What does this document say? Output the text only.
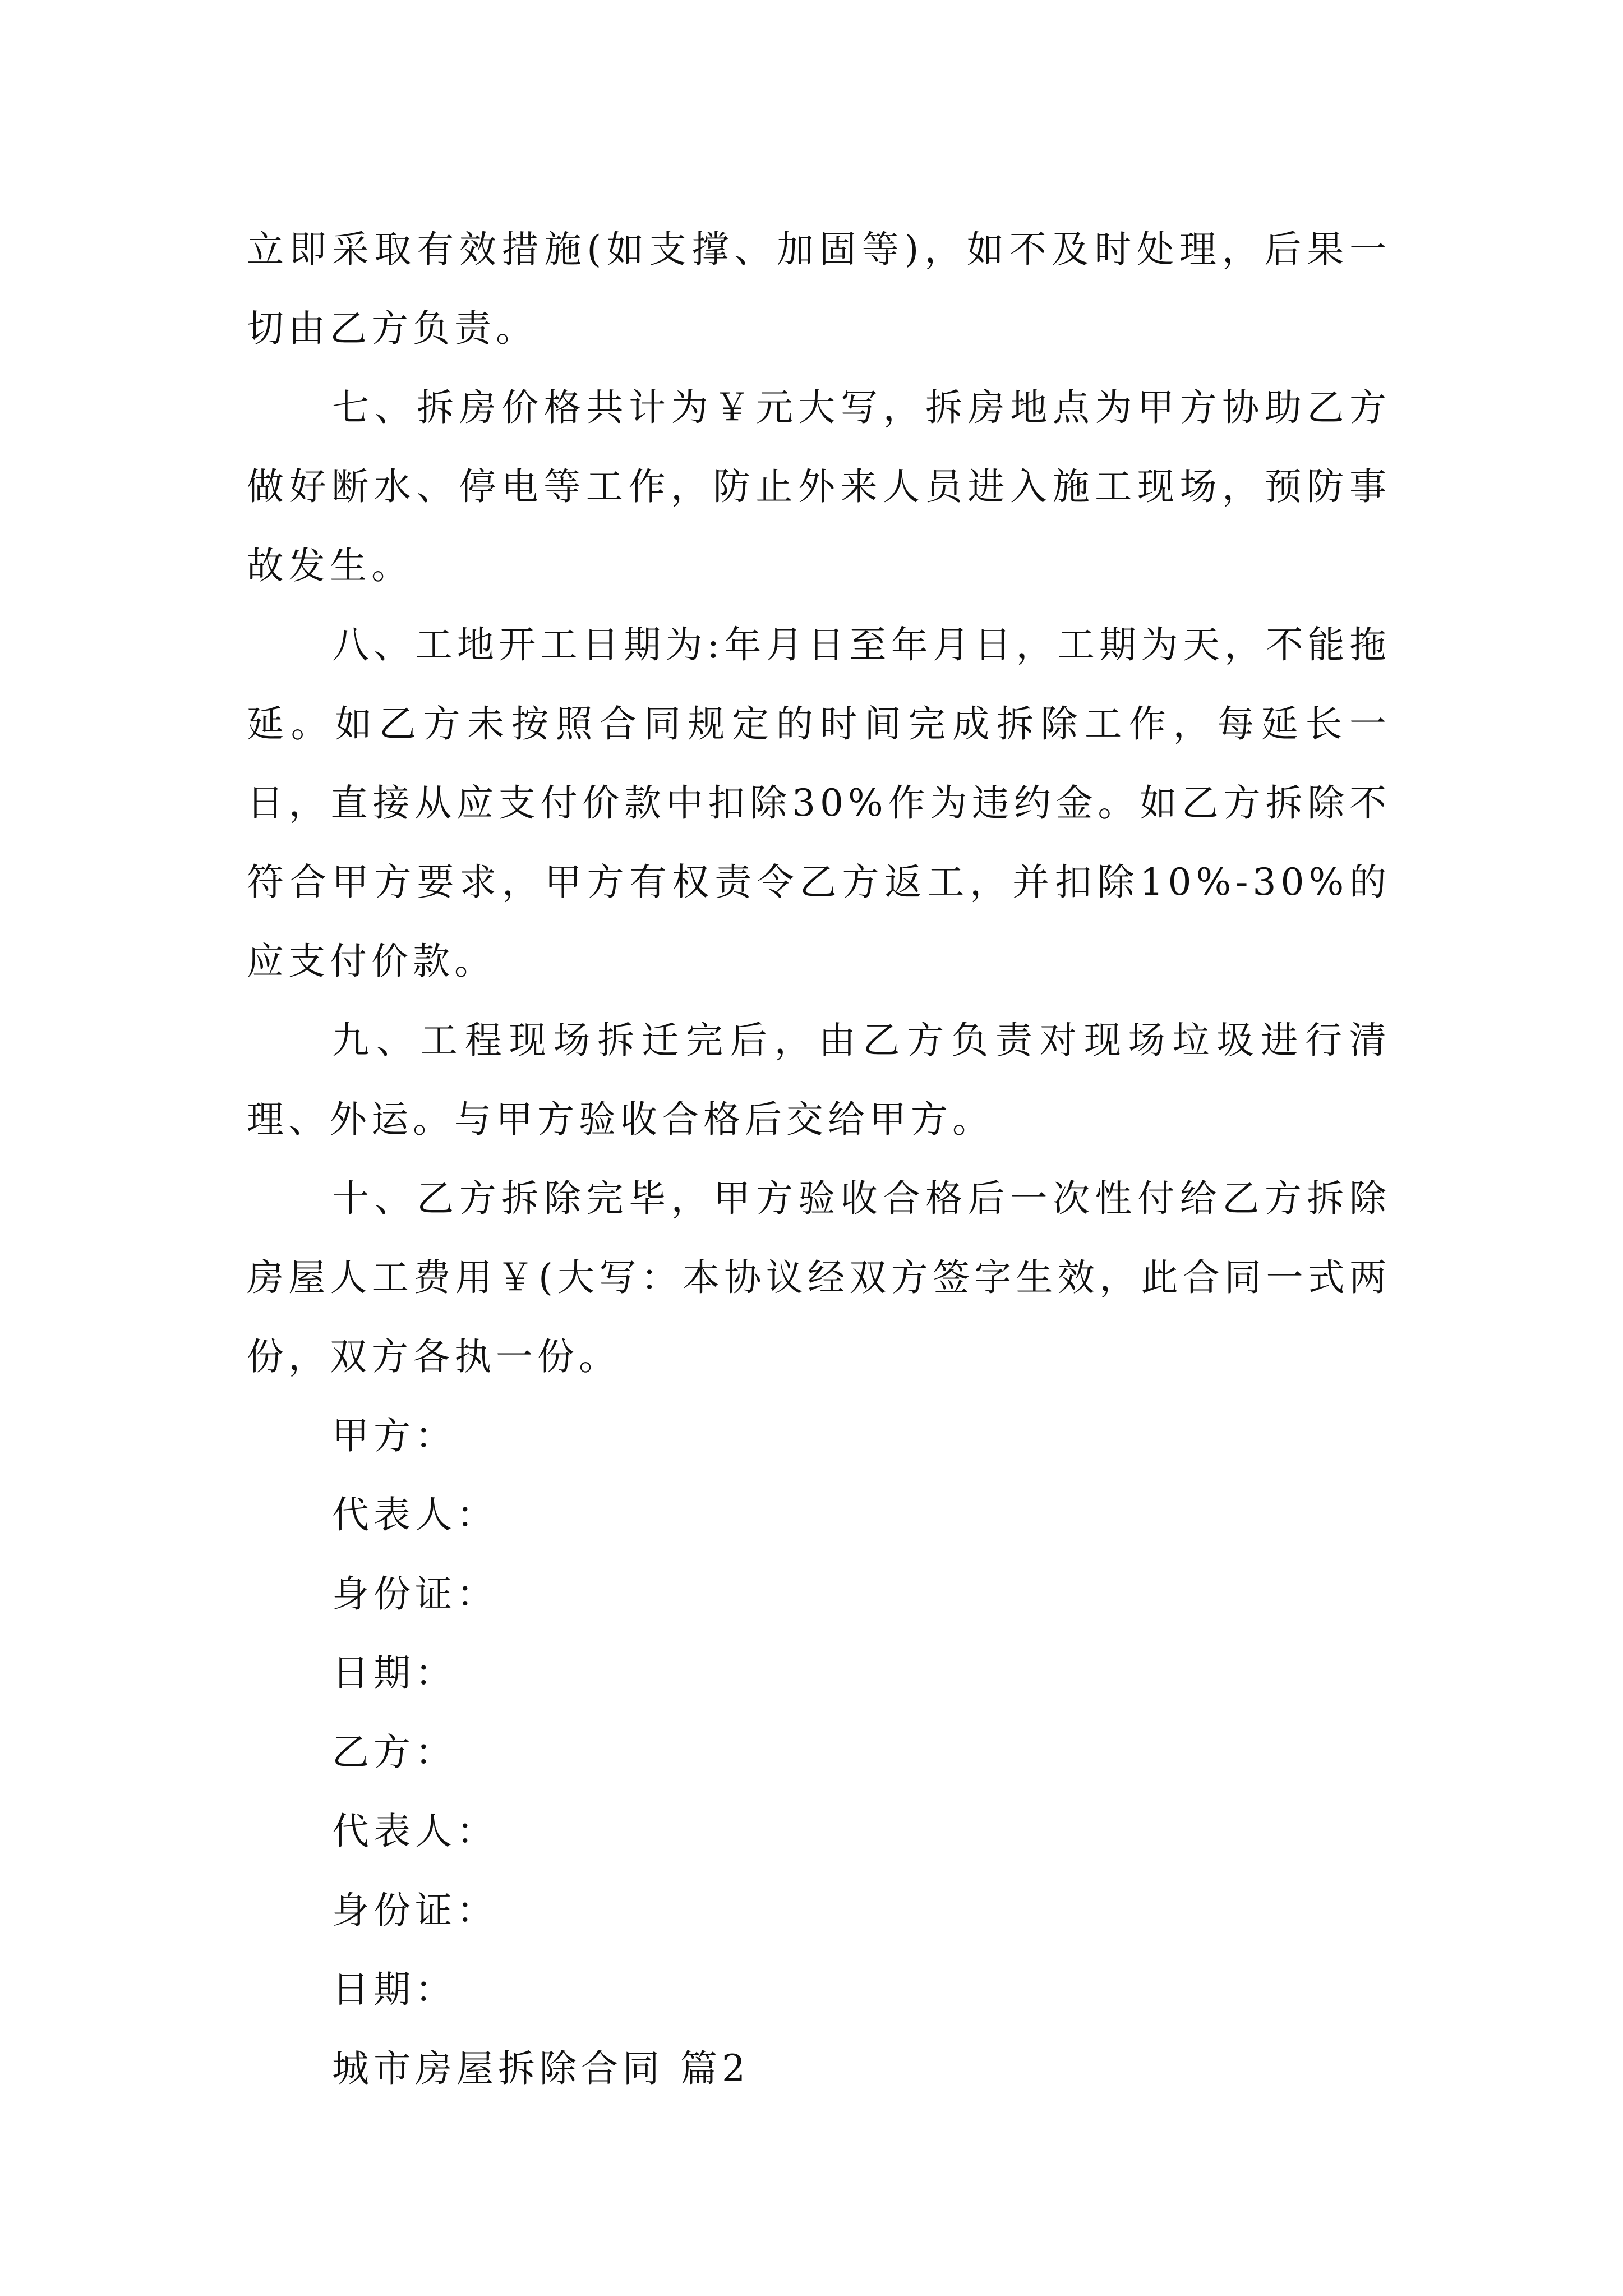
立即采取有效措施(如支撑、加固等)，如不及时处理，后果一切由乙方负责。

七、拆房价格共计为￥元大写，拆房地点为甲方协助乙方做好断水、停电等工作，防止外来人员进入施工现场，预防事故发生。

八、工地开工日期为:年月日至年月日，工期为天，不能拖延。如乙方未按照合同规定的时间完成拆除工作，每延长一日，直接从应支付价款中扣除30%作为违约金。如乙方拆除不符合甲方要求，甲方有权责令乙方返工，并扣除10%-30%的应支付价款。

九、工程现场拆迁完后，由乙方负责对现场垃圾进行清理、外运。与甲方验收合格后交给甲方。

十、乙方拆除完毕，甲方验收合格后一次性付给乙方拆除房屋人工费用￥(大写：本协议经双方签字生效，此合同一式两份，双方各执一份。

甲方：

代表人：

身份证：

日期：

乙方：

代表人：

身份证：

日期：

城市房屋拆除合同 篇2
